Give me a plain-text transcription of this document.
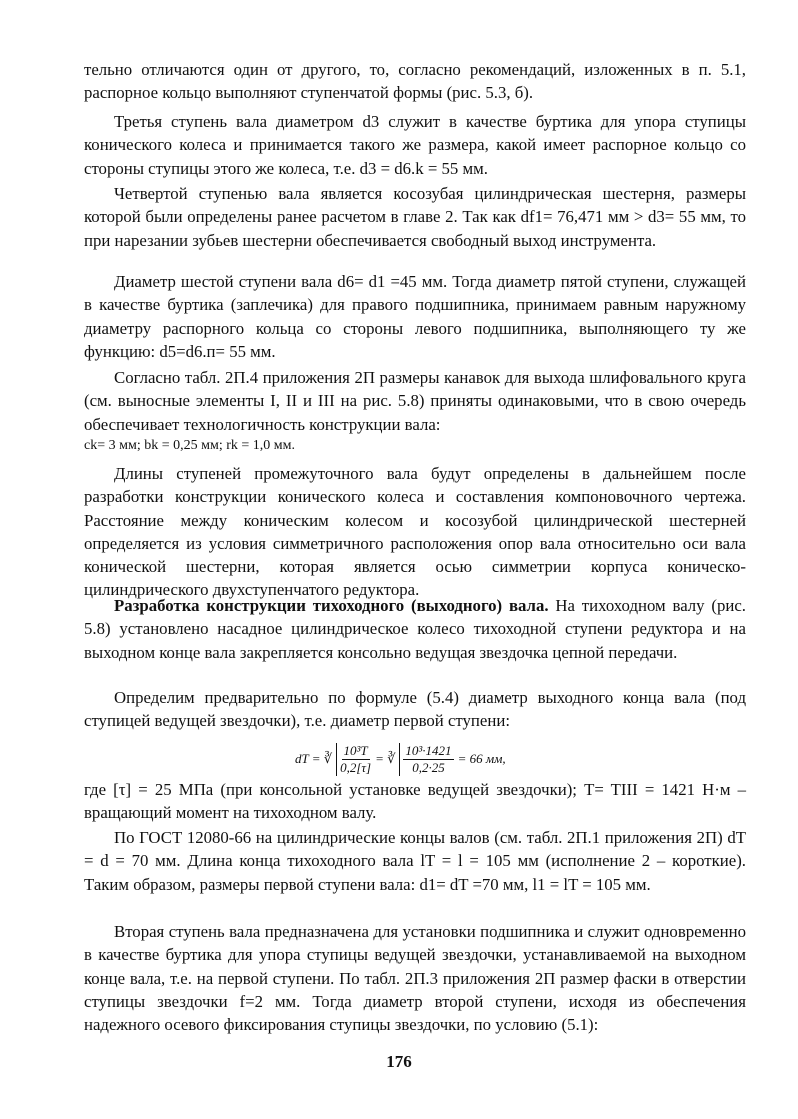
тельно отличаются один от другого, то, согласно рекомендаций, изложенных в п. 5.1, распорное кольцо выполняют ступенчатой формы (рис. 5.3, б).

Третья ступень вала диаметром d3 служит в качестве буртика для упора ступицы конического колеса и принимается такого же размера, какой имеет распорное кольцо со стороны ступицы этого же колеса, т.е. d3 = d6.k = 55 мм.

Четвертой ступенью вала является косозубая цилиндрическая шестерня, размеры которой были определены ранее расчетом в главе 2. Так как df1= 76,471 мм > d3= 55 мм, то при нарезании зубьев шестерни обеспечивается свободный выход инструмента.

Диаметр шестой ступени вала d6= d1 =45 мм. Тогда диаметр пятой ступени, служащей в качестве буртика (заплечика) для правого подшипника, принимаем равным наружному диаметру распорного кольца со стороны левого подшипника, выполняющего ту же функцию: d5=d6.п= 55 мм.

Согласно табл. 2П.4 приложения 2П размеры канавок для выхода шлифовального круга (см. выносные элементы I, II и III на рис. 5.8) приняты одинаковыми, что в свою очередь обеспечивает технологичность конструкции вала:

ck= 3 мм; bk = 0,25 мм; rk = 1,0 мм.

Длины ступеней промежуточного вала будут определены в дальнейшем после разработки конструкции конического колеса и составления компоновочного чертежа. Расстояние между коническим колесом и косозубой цилиндрической шестерней определяется из условия симметричного расположения опор вала относительно оси вала конической шестерни, которая является осью симметрии корпуса коническо-цилиндрического двухступенчатого редуктора.

Разработка конструкции тихоходного (выходного) вала. На тихоходном валу (рис. 5.8) установлено насадное цилиндрическое колесо тихоходной ступени редуктора и на выходном конце вала закрепляется консольно ведущая звездочка цепной передачи.

Определим предварительно по формуле (5.4) диаметр выходного конца вала (под ступицей ведущей звездочки), т.е. диаметр первой ступени:

dT = ∛ $\frac{\text{10³T}}{0,2[\tau]}$ = ∛ $\frac{\text{10³·1421}}{0,2\cdot 25} = 66$ мм,

где [τ] = 25 МПа (при консольной установке ведущей звездочки); T= TIII = 1421 Н·м – вращающий момент на тихоходном валу.

По ГОСТ 12080-66 на цилиндрические концы валов (см. табл. 2П.1 приложения 2П) dT = d = 70 мм. Длина конца тихоходного вала lT = l = 105 мм (исполнение 2 – короткие). Таким образом, размеры первой ступени вала: d1= dT =70 мм, l1 = lT = 105 мм.

Вторая ступень вала предназначена для установки подшипника и служит одновременно в качестве буртика для упора ступицы ведущей звездочки, устанавливаемой на выходном конце вала, т.е. на первой ступени. По табл. 2П.3 приложения 2П размер фаски в отверстии ступицы звездочки f=2 мм. Тогда диаметр второй ступени, исходя из обеспечения надежного осевого фиксирования ступицы звездочки, по условию (5.1):

176
